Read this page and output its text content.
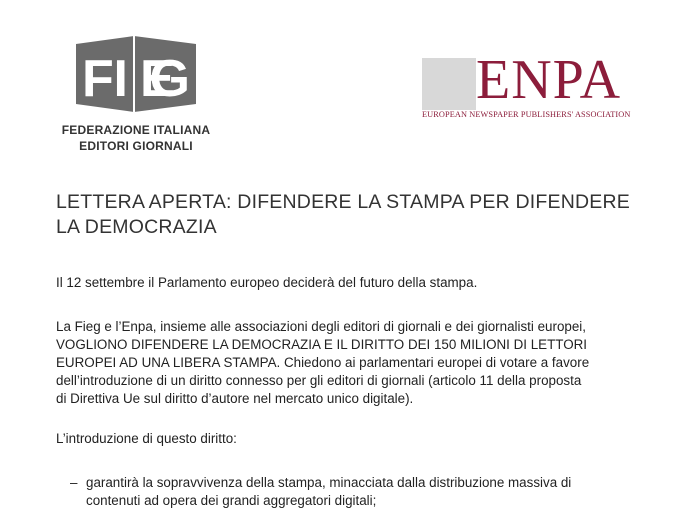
FI EG
FEDERAZIONE ITALIANA
EDITORI GIORNALI
ENPA
EUROPEAN NEWSPAPER PUBLISHERS' ASSOCIATION
LETTERA APERTA: DIFENDERE LA STAMPA PER DIFENDERE
LA DEMOCRAZIA

Il 12 settembre il Parlamento europeo deciderà del futuro della stampa.

La Fieg e l’Enpa, insieme alle associazioni degli editori di giornali e dei giornalisti europei,
VOGLIONO DIFENDERE LA DEMOCRAZIA E IL DIRITTO DEI 150 MILIONI DI LETTORI
EUROPEI AD UNA LIBERA STAMPA. Chiedono ai parlamentari europei di votare a favore
dell’introduzione di un diritto connesso per gli editori di giornali (articolo 11 della proposta
di Direttiva Ue sul diritto d’autore nel mercato unico digitale).

L’introduzione di questo diritto:

– garantirà la sopravvivenza della stampa, minacciata dalla distribuzione massiva di
contenuti ad opera dei grandi aggregatori digitali;
